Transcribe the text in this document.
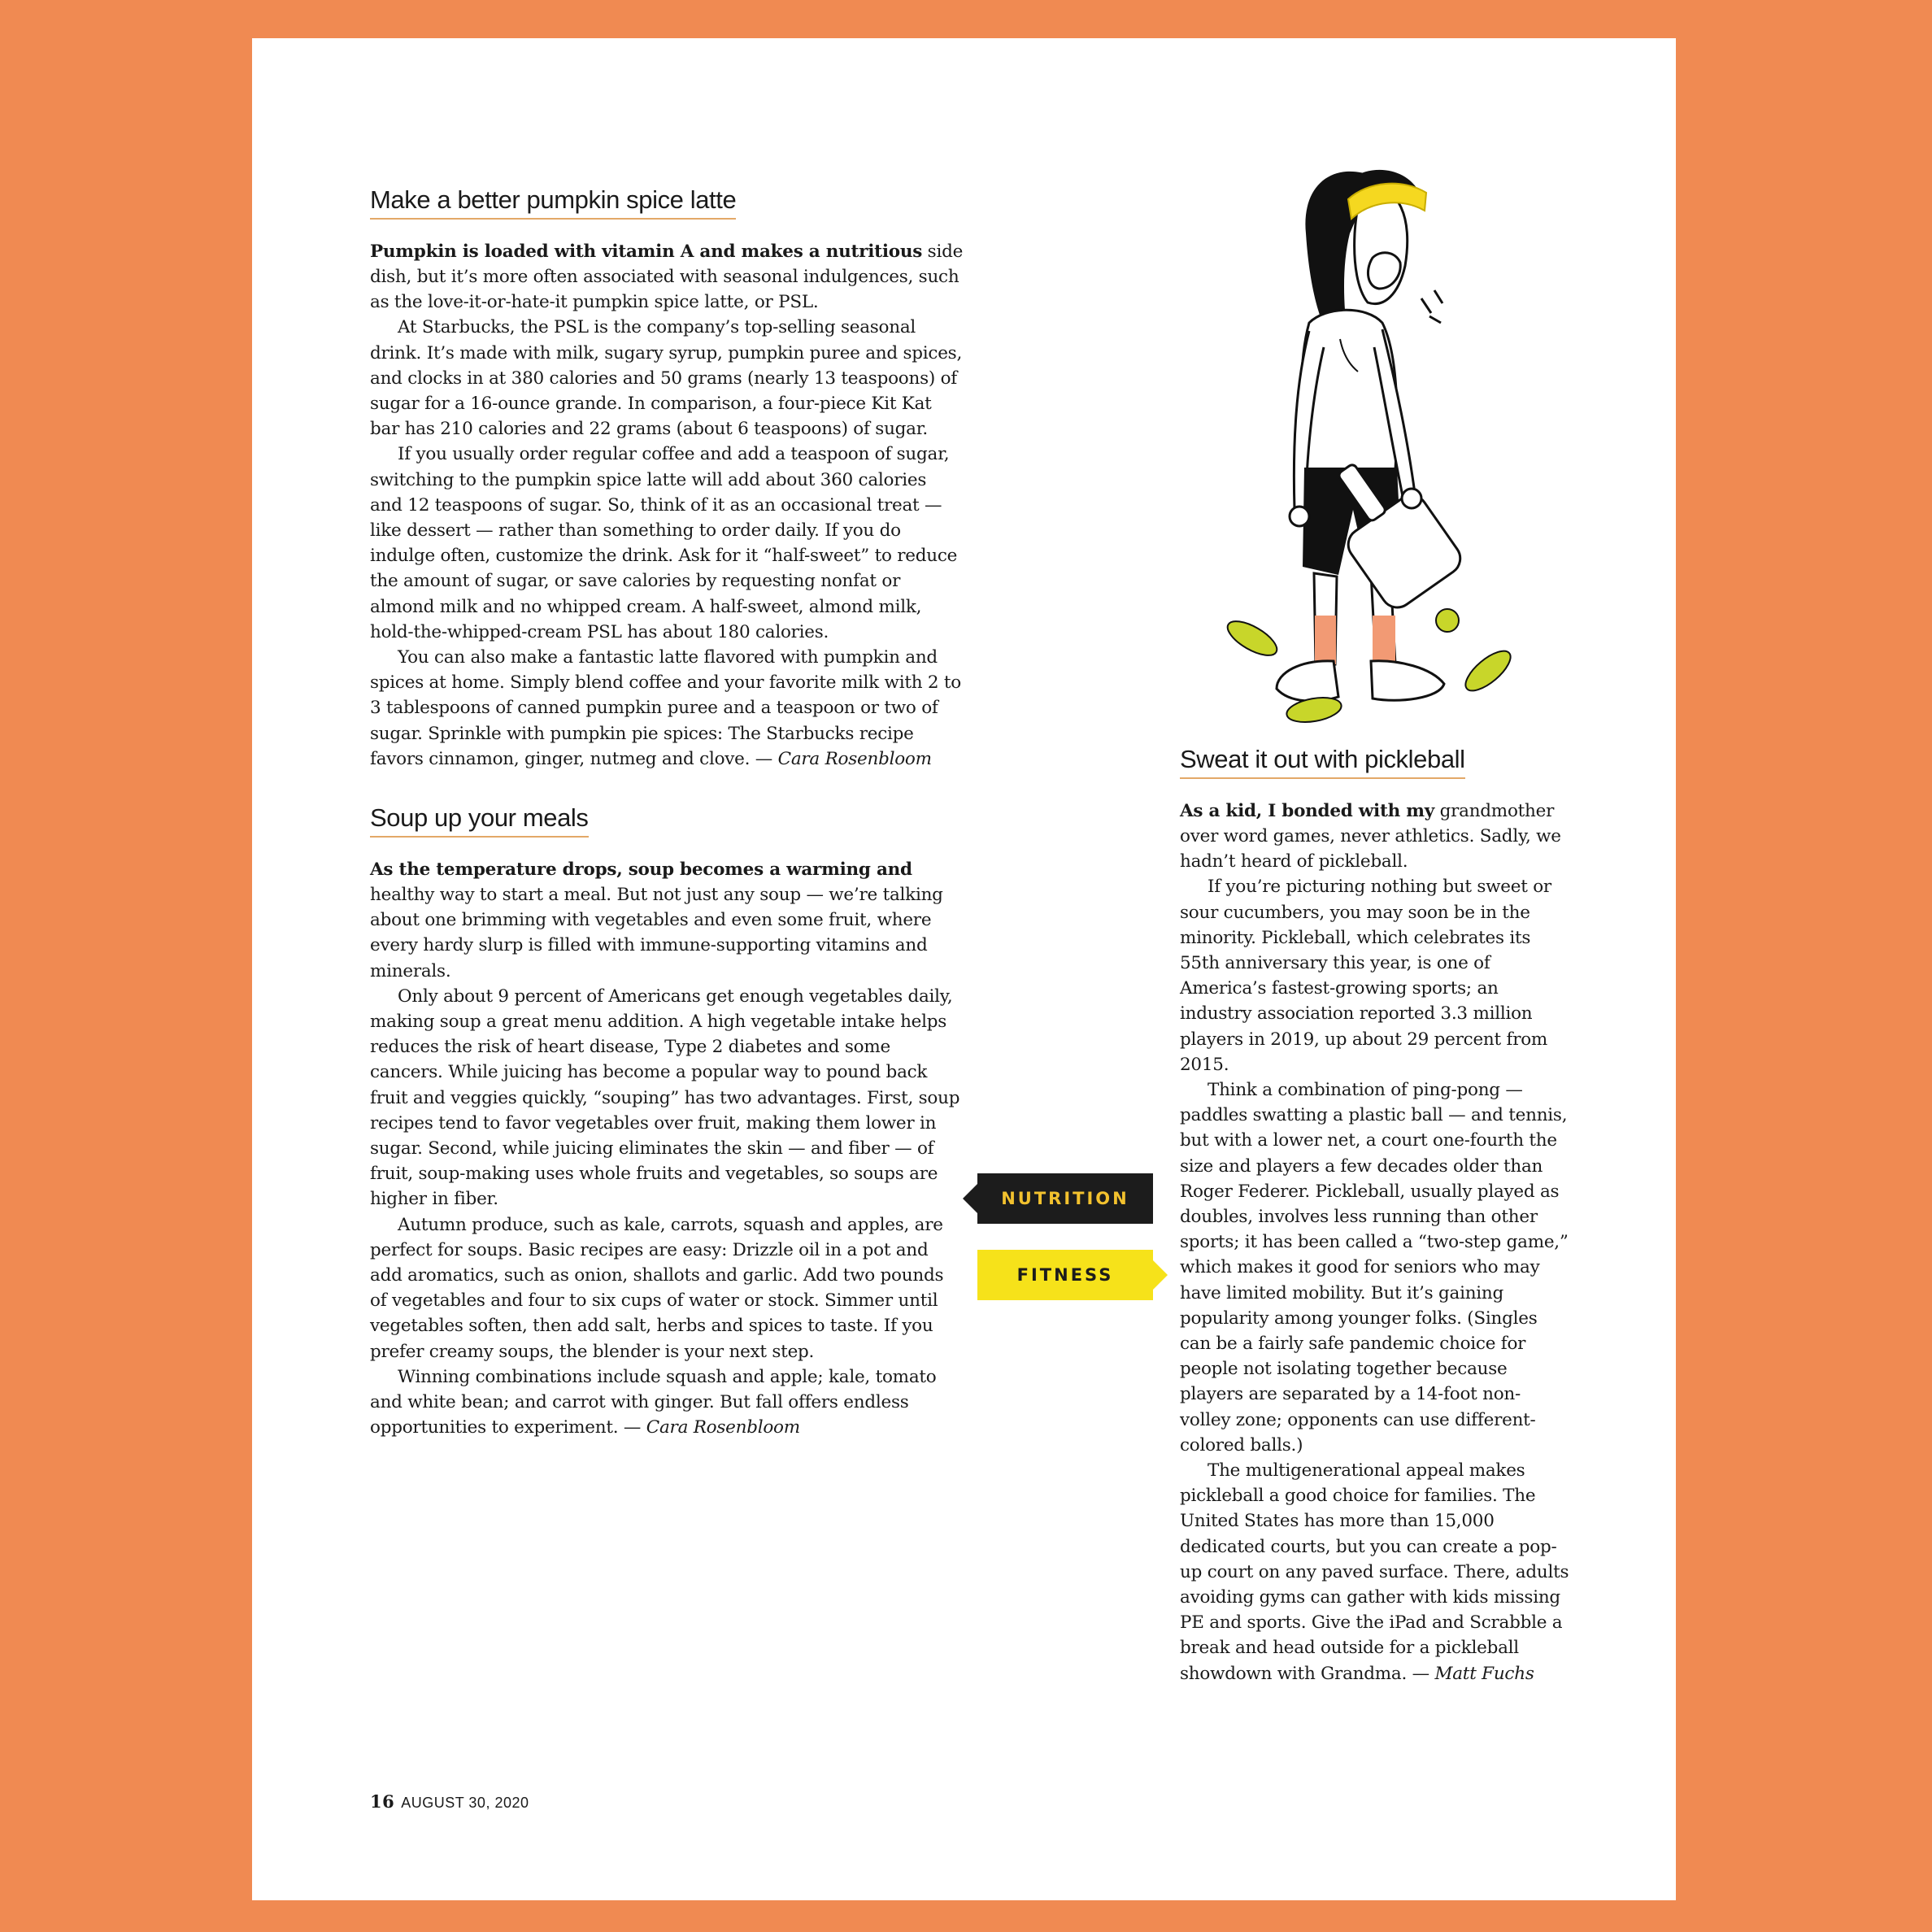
Make a better pumpkin spice latte

Pumpkin is loaded with vitamin A and makes a nutritious side dish, but it’s more often associated with seasonal indulgences, such as the love-it-or-hate-it pumpkin spice latte, or PSL.

At Starbucks, the PSL is the company’s top-selling seasonal drink. It’s made with milk, sugary syrup, pumpkin puree and spices, and clocks in at 380 calories and 50 grams (nearly 13 teaspoons) of sugar for a 16-ounce grande. In comparison, a four-piece Kit Kat bar has 210 calories and 22 grams (about 6 teaspoons) of sugar.

If you usually order regular coffee and add a teaspoon of sugar, switching to the pumpkin spice latte will add about 360 calories and 12 teaspoons of sugar. So, think of it as an occasional treat — like dessert — rather than something to order daily. If you do indulge often, customize the drink. Ask for it “half-sweet” to reduce the amount of sugar, or save calories by requesting nonfat or almond milk and no whipped cream. A half-sweet, almond milk, hold-the-whipped-cream PSL has about 180 calories.

You can also make a fantastic latte flavored with pumpkin and spices at home. Simply blend coffee and your favorite milk with 2 to 3 tablespoons of canned pumpkin puree and a teaspoon or two of sugar. Sprinkle with pumpkin pie spices: The Starbucks recipe favors cinnamon, ginger, nutmeg and clove. — Cara Rosenbloom

Soup up your meals

As the temperature drops, soup becomes a warming and healthy way to start a meal. But not just any soup — we’re talking about one brimming with vegetables and even some fruit, where every hardy slurp is filled with immune-supporting vitamins and minerals.

Only about 9 percent of Americans get enough vegetables daily, making soup a great menu addition. A high vegetable intake helps reduces the risk of heart disease, Type 2 diabetes and some cancers. While juicing has become a popular way to pound back fruit and veggies quickly, “souping” has two advantages. First, soup recipes tend to favor vegetables over fruit, making them lower in sugar. Second, while juicing eliminates the skin — and fiber — of fruit, soup-making uses whole fruits and vegetables, so soups are higher in fiber.

Autumn produce, such as kale, carrots, squash and apples, are perfect for soups. Basic recipes are easy: Drizzle oil in a pot and add aromatics, such as onion, shallots and garlic. Add two pounds of vegetables and four to six cups of water or stock. Simmer until vegetables soften, then add salt, herbs and spices to taste. If you prefer creamy soups, the blender is your next step.

Winning combinations include squash and apple; kale, tomato and white bean; and carrot with ginger. But fall offers endless opportunities to experiment. — Cara Rosenbloom

NUTRITION
FITNESS
Sweat it out with pickleball

As a kid, I bonded with my grandmother over word games, never athletics. Sadly, we hadn’t heard of pickleball.

If you’re picturing nothing but sweet or sour cucumbers, you may soon be in the minority. Pickleball, which celebrates its 55th anniversary this year, is one of America’s fastest-growing sports; an industry association reported 3.3 million players in 2019, up about 29 percent from 2015.

Think a combination of ping-pong — paddles swatting a plastic ball — and tennis, but with a lower net, a court one-fourth the size and players a few decades older than Roger Federer. Pickleball, usually played as doubles, involves less running than other sports; it has been called a “two-step game,” which makes it good for seniors who may have limited mobility. But it’s gaining popularity among younger folks. (Singles can be a fairly safe pandemic choice for people not isolating together because players are separated by a 14-foot non-volley zone; opponents can use different-colored balls.)

The multigenerational appeal makes pickleball a good choice for families. The United States has more than 15,000 dedicated courts, but you can create a pop-up court on any paved surface. There, adults avoiding gyms can gather with kids missing PE and sports. Give the iPad and Scrabble a break and head outside for a pickleball showdown with Grandma. — Matt Fuchs

16 AUGUST 30, 2020
